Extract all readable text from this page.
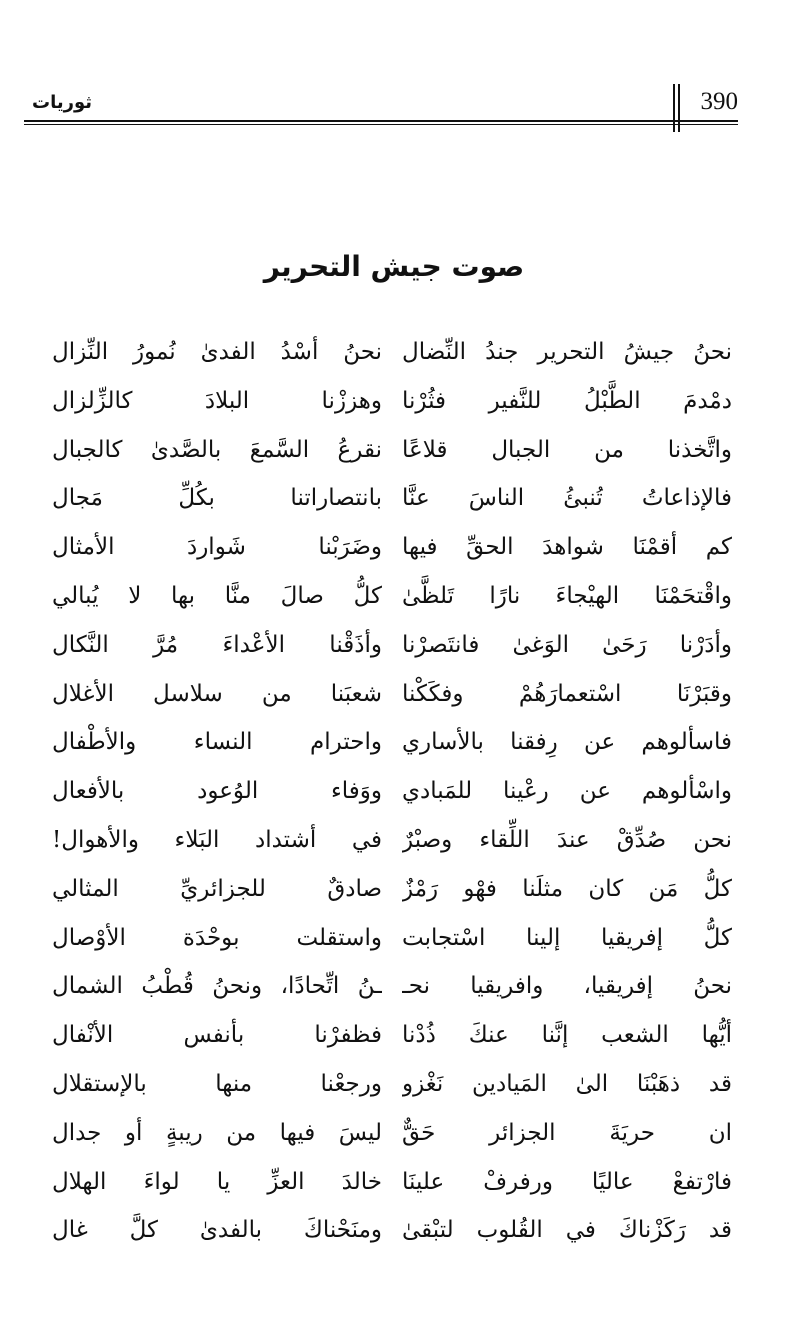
ثوريات	390
صوت جيش التحرير
نحنُ جيشُ التحرير جندُ النِّضال
نحنُ أسْدُ الفدىٰ نُمورُ النِّزال
دمْدمَ الطَّبْلُ للنَّفير فثُرْنا
وهززْنا البلادَ كالزِّلزال
واتَّخذنا من الجبال قلاعًا
نقرعُ السَّمعَ بالصَّدىٰ كالجبال
فالإذاعاتُ تُنبئُ الناسَ عنَّا
بانتصاراتنا بكُلِّ مَجال
كم أقمْنَا شواهدَ الحقِّ فيها
وضَرَبْنا شَواردَ الأمثال
واقْتحَمْنَا الهيْجاءَ نارًا تَلظَّىٰ
كلُّ صالَ منَّا بها لا يُبالي
وأدَرْنا رَحَىٰ الوَغىٰ فانتَصرْنا
وأذَقْنا الأعْداءَ مُرَّ النَّكال
وقبَرْنَا اسْتعمارَهُمْ وفكَكْنا
شعبَنا من سلاسل الأغلال
فاسألوهم عن رِفقنا بالأساري
واحترام النساء والأطْفال
واسْألوهم عن رعْينا للمَبادي
ووَفاء الوُعود بالأفعال
نحن صُدِّقْ عندَ اللِّقاء وصبْرٌ
في أشتداد البَلاء والأهوال!
كلُّ مَن كان مثلَنا فهْو رَمْزٌ
صادقٌ للجزائريِّ المثالي
كلُّ إفريقيا إلينا اسْتجابت
واستقلت بوحْدَة الأوْصال
نحنُ إفريقيا، وافريقيا نحـ
ـنُ اتِّحادًا، ونحنُ قُطْبُ الشمال
أيُّها الشعب إنَّنا عنكَ ذُدْنا
فظفرْنا بأنفس الأنْفال
قد ذهَبْنَا الىٰ المَيادين نَغْزو
ورجعْنا منها بالإستقلال
ان حريَةَ الجزائر حَقٌّ
ليسَ فيها من ريبةٍ أو جدال
فارْتفعْ عاليًا ورفرفْ علينَا
خالدَ العزِّ يا لواءَ الهلال
قد رَكَزْناكَ في القُلوب لتبْقىٰ
ومنَحْناكَ بالفدىٰ كلَّ غال
